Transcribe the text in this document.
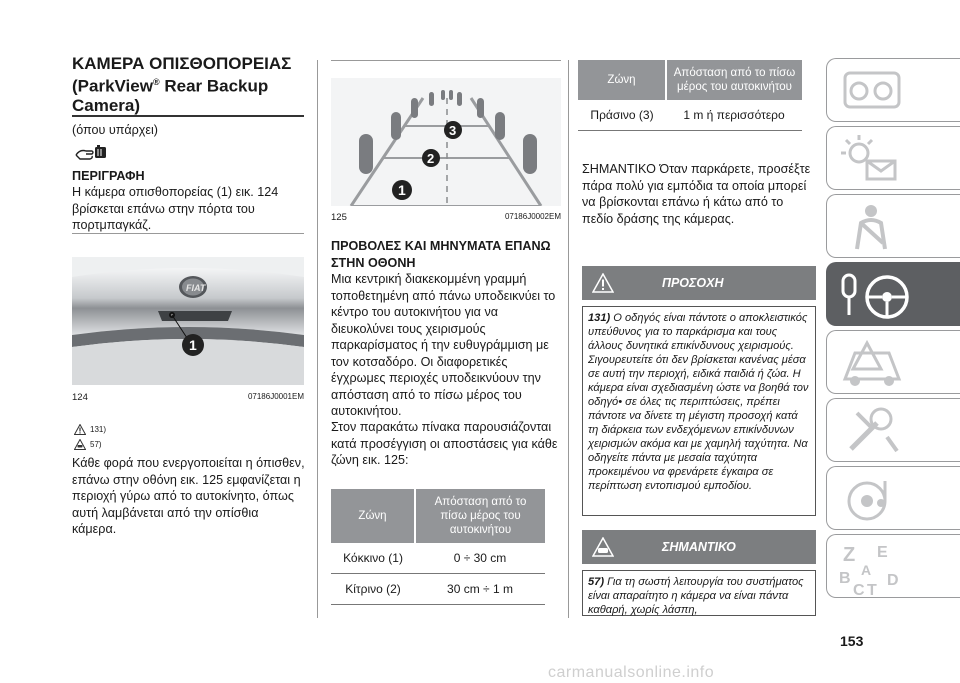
ΚΑΜΕΡΑ ΟΠΙΣΘΟΠΟΡΕΙΑΣ
(ParkView® Rear Backup
Camera)
(όπου υπάρχει)
ΠΕΡΙΓΡΑΦΗ
Η κάμερα οπισθοπορείας (1) εικ. 124 βρίσκεται επάνω στην πόρτα του πορτμπαγκάζ.
FIAT
1
124	07186J0001EM
131)
57)
Κάθε φορά που ενεργοποιείται η όπισθεν, επάνω στην οθόνη εικ. 125 εμφανίζεται η περιοχή γύρω από το αυτοκίνητο, όπως αυτή λαμβάνεται από την οπίσθια κάμερα.
1
2
3
125	07186J0002EM
ΠΡΟΒΟΛΕΣ ΚΑΙ ΜΗΝΥΜΑΤΑ ΕΠΑΝΩ ΣΤΗΝ ΟΘΟΝΗ
Μια κεντρική διακεκομμένη γραμμή τοποθετημένη από πάνω υποδεικνύει το κέντρο του αυτοκινήτου για να διευκολύνει τους χειρισμούς παρκαρίσματος ή την ευθυγράμμιση με τον κοτσαδόρο. Οι διαφορετικές έγχρωμες περιοχές υποδεικνύουν την απόσταση από το πίσω μέρος του αυτοκινήτου.
Στον παρακάτω πίνακα παρουσιάζονται κατά προσέγγιση οι αποστάσεις για κάθε ζώνη εικ. 125:
Ζώνη	Απόσταση από το πίσω μέρος του αυτοκινήτου
Κόκκινο (1)	0 ÷ 30 cm
Κίτρινο (2)	30 cm ÷ 1 m
Ζώνη	Απόσταση από το πίσω μέρος του αυτοκινήτου
Πράσινο (3)	1 m ή περισσότερο
ΣΗΜΑΝΤΙΚΟ Όταν παρκάρετε, προσέξτε πάρα πολύ για εμπόδια τα οποία μπορεί να βρίσκονται επάνω ή κάτω από το πεδίο δράσης της κάμερας.
ΠΡΟΣΟΧΗ
131) Ο οδηγός είναι πάντοτε ο αποκλειστικός υπεύθυνος για το παρκάρισμα και τους άλλους δυνητικά επικίνδυνους χειρισμούς. Σιγουρευτείτε ότι δεν βρίσκεται κανένας μέσα σε αυτή την περιοχή, ειδικά παιδιά ή ζώα. Η κάμερα είναι σχεδιασμένη ώστε να βοηθά τον οδηγό• σε όλες τις περιπτώσεις, πρέπει πάντοτε να δίνετε τη μέγιστη προσοχή κατά τη διάρκεια των ενδεχόμενων επικίνδυνων χειρισμών ακόμα και με χαμηλή ταχύτητα. Να οδηγείτε πάντα με μεσαία ταχύτητα προκειμένου να φρενάρετε έγκαιρα σε περίπτωση εντοπισμού εμποδίου.
ΣΗΜΑΝΤΙΚΟ
57) Για τη σωστή λειτουργία του συστήματος είναι απαραίτητο η κάμερα να είναι πάντα καθαρή, χωρίς λάσπη,
Z E
B
C T
D
A
153
carmanualsonline.info
